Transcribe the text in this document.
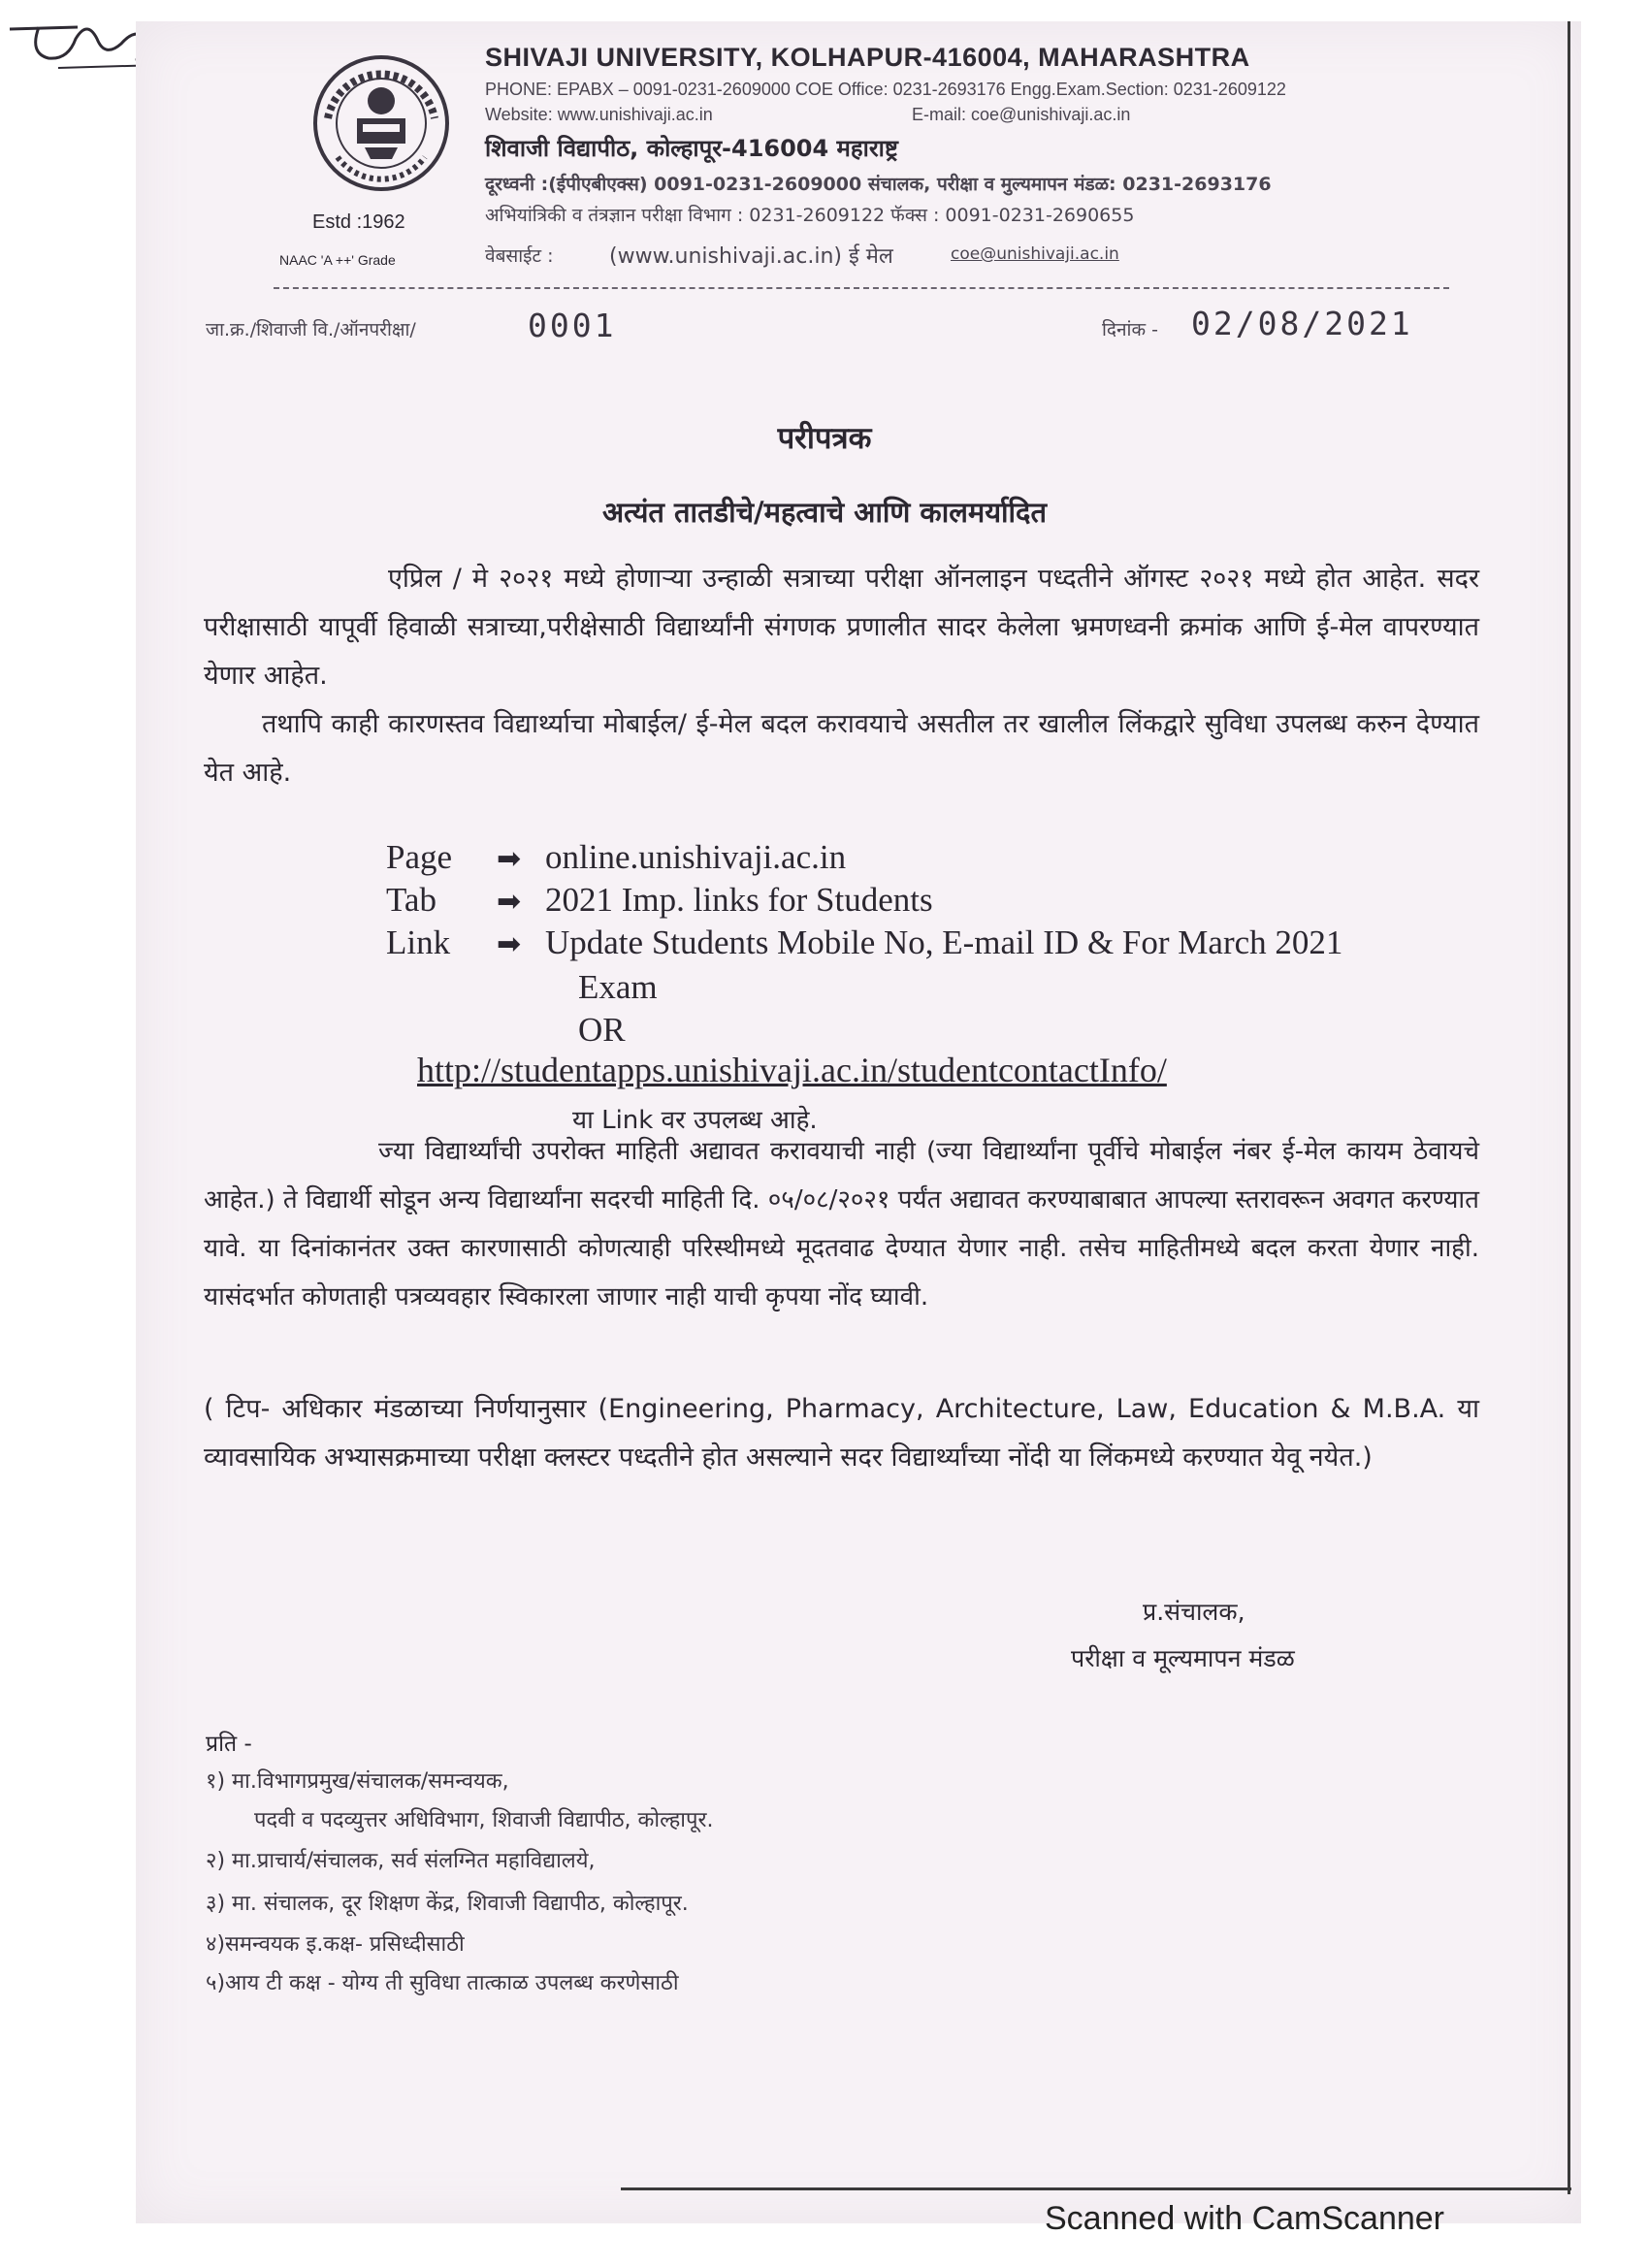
SHIVAJI UNIVERSITY, KOLHAPUR-416004, MAHARASHTRA
PHONE: EPABX – 0091-0231-2609000 COE Office: 0231-2693176 Engg.Exam.Section: 0231-2609122
Website: www.unishivaji.ac.in	E-mail: coe@unishivaji.ac.in
शिवाजी विद्यापीठ, कोल्हापूर-416004 महाराष्ट्र
दूरध्वनी :(ईपीएबीएक्स) 0091-0231-2609000 संचालक, परीक्षा व मुल्यमापन मंडळ: 0231-2693176
अभियांत्रिकी व तंत्रज्ञान परीक्षा विभाग : 0231-2609122 फॅक्स : 0091-0231-2690655
वेबसाईट :	(www.unishivaji.ac.in) ई मेल	coe@unishivaji.ac.in
Estd :1962
NAAC 'A ++' Grade
जा.क्र./शिवाजी वि./ऑनपरीक्षा/	0001	दिनांक - 02/08/2021
परीपत्रक
अत्यंत तातडीचे/महत्वाचे आणि कालमर्यादित
एप्रिल / मे २०२१ मध्ये होणाऱ्या उन्हाळी सत्राच्या परीक्षा ऑनलाइन पध्दतीने ऑगस्ट २०२१ मध्ये होत आहेत. सदर परीक्षासाठी यापूर्वी हिवाळी सत्राच्या,परीक्षेसाठी विद्यार्थ्यांनी संगणक प्रणालीत सादर केलेला भ्रमणध्वनी क्रमांक आणि ई-मेल वापरण्यात येणार आहेत.
तथापि काही कारणस्तव विद्यार्थ्याचा मोबाईल/ ई-मेल बदल करावयाचे असतील तर खालील लिंकद्वारे सुविधा उपलब्ध करुन देण्यात येत आहे.
Page ➡ online.unishivaji.ac.in
Tab ➡ 2021 Imp. links for Students
Link ➡ Update Students Mobile No, E-mail ID & For March 2021
Exam
OR
http://studentapps.unishivaji.ac.in/studentcontactInfo/
या Link वर उपलब्ध आहे.
ज्या विद्यार्थ्यांची उपरोक्त माहिती अद्यावत करावयाची नाही (ज्या विद्यार्थ्यांना पूर्वीचे मोबाईल नंबर ई-मेल कायम ठेवायचे आहेत.) ते विद्यार्थी सोडून अन्य विद्यार्थ्यांना सदरची माहिती दि. ०५/०८/२०२१ पर्यंत अद्यावत करण्याबाबात आपल्या स्तरावरून अवगत करण्यात यावे. या दिनांकानंतर उक्त कारणासाठी कोणत्याही परिस्थीमध्ये मूदतवाढ देण्यात येणार नाही. तसेच माहितीमध्ये बदल करता येणार नाही. यासंदर्भात कोणताही पत्रव्यवहार स्विकारला जाणार नाही याची कृपया नोंद घ्यावी.
( टिप- अधिकार मंडळाच्या निर्णयानुसार (Engineering, Pharmacy, Architecture, Law, Education & M.B.A. या व्यावसायिक अभ्यासक्रमाच्या परीक्षा क्लस्टर पध्दतीने होत असल्याने सदर विद्यार्थ्यांच्या नोंदी या लिंकमध्ये करण्यात येवू नयेत.)
प्र.संचालक,
परीक्षा व मूल्यमापन मंडळ
प्रति -
१) मा.विभागप्रमुख/संचालक/समन्वयक,
पदवी व पदव्युत्तर अधिविभाग, शिवाजी विद्यापीठ, कोल्हापूर.
२) मा.प्राचार्य/संचालक, सर्व संलग्नित महाविद्यालये,
३) मा. संचालक, दूर शिक्षण केंद्र, शिवाजी विद्यापीठ, कोल्हापूर.
४)समन्वयक इ.कक्ष- प्रसिध्दीसाठी
५)आय टी कक्ष - योग्य ती सुविधा तात्काळ उपलब्ध करणेसाठी
Scanned with CamScanner
